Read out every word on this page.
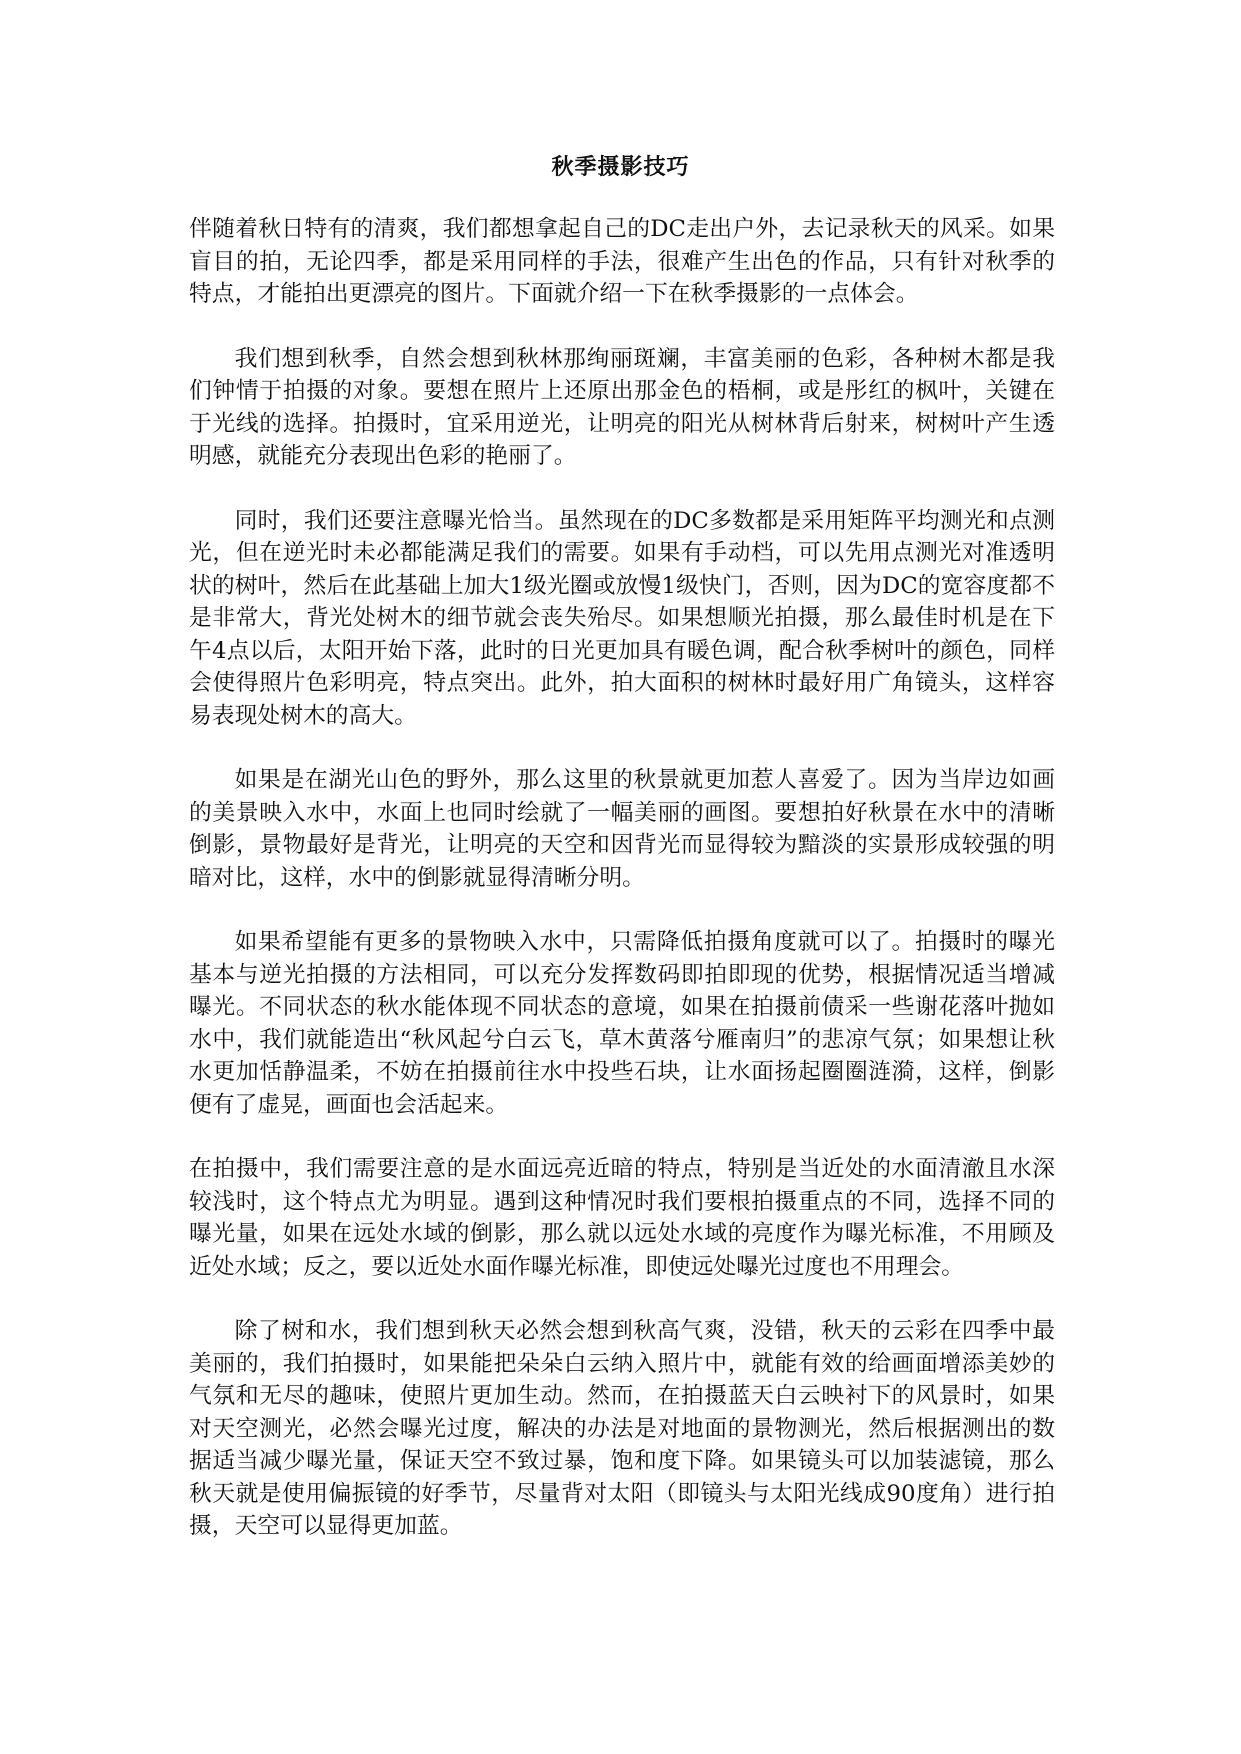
秋季摄影技巧

伴随着秋日特有的清爽，我们都想拿起自己的DC走出户外，去记录秋天的风采。如果盲目的拍，无论四季，都是采用同样的手法，很难产生出色的作品，只有针对秋季的特点，才能拍出更漂亮的图片。下面就介绍一下在秋季摄影的一点体会。

我们想到秋季，自然会想到秋林那绚丽斑斓，丰富美丽的色彩，各种树木都是我们钟情于拍摄的对象。要想在照片上还原出那金色的梧桐，或是彤红的枫叶，关键在于光线的选择。拍摄时，宜采用逆光，让明亮的阳光从树林背后射来，树树叶产生透明感，就能充分表现出色彩的艳丽了。

同时，我们还要注意曝光恰当。虽然现在的DC多数都是采用矩阵平均测光和点测光，但在逆光时未必都能满足我们的需要。如果有手动档，可以先用点测光对准透明状的树叶，然后在此基础上加大1级光圈或放慢1级快门，否则，因为DC的宽容度都不是非常大，背光处树木的细节就会丧失殆尽。如果想顺光拍摄，那么最佳时机是在下午4点以后，太阳开始下落，此时的日光更加具有暖色调，配合秋季树叶的颜色，同样会使得照片色彩明亮，特点突出。此外，拍大面积的树林时最好用广角镜头，这样容易表现处树木的高大。

如果是在湖光山色的野外，那么这里的秋景就更加惹人喜爱了。因为当岸边如画的美景映入水中，水面上也同时绘就了一幅美丽的画图。要想拍好秋景在水中的清晰倒影，景物最好是背光，让明亮的天空和因背光而显得较为黯淡的实景形成较强的明暗对比，这样，水中的倒影就显得清晰分明。

如果希望能有更多的景物映入水中，只需降低拍摄角度就可以了。拍摄时的曝光基本与逆光拍摄的方法相同，可以充分发挥数码即拍即现的优势，根据情况适当增减曝光。不同状态的秋水能体现不同状态的意境，如果在拍摄前债采一些谢花落叶抛如水中，我们就能造出“秋风起兮白云飞，草木黄落兮雁南归”的悲凉气氛；如果想让秋水更加恬静温柔，不妨在拍摄前往水中投些石块，让水面扬起圈圈涟漪，这样，倒影便有了虚晃，画面也会活起来。

在拍摄中，我们需要注意的是水面远亮近暗的特点，特别是当近处的水面清澈且水深较浅时，这个特点尤为明显。遇到这种情况时我们要根拍摄重点的不同，选择不同的曝光量，如果在远处水域的倒影，那么就以远处水域的亮度作为曝光标准，不用顾及近处水域；反之，要以近处水面作曝光标准，即使远处曝光过度也不用理会。

除了树和水，我们想到秋天必然会想到秋高气爽，没错，秋天的云彩在四季中最美丽的，我们拍摄时，如果能把朵朵白云纳入照片中，就能有效的给画面增添美妙的气氛和无尽的趣味，使照片更加生动。然而，在拍摄蓝天白云映衬下的风景时，如果对天空测光，必然会曝光过度，解决的办法是对地面的景物测光，然后根据测出的数据适当减少曝光量，保证天空不致过暴，饱和度下降。如果镜头可以加装滤镜，那么秋天就是使用偏振镜的好季节，尽量背对太阳（即镜头与太阳光线成90度角）进行拍摄，天空可以显得更加蓝。
